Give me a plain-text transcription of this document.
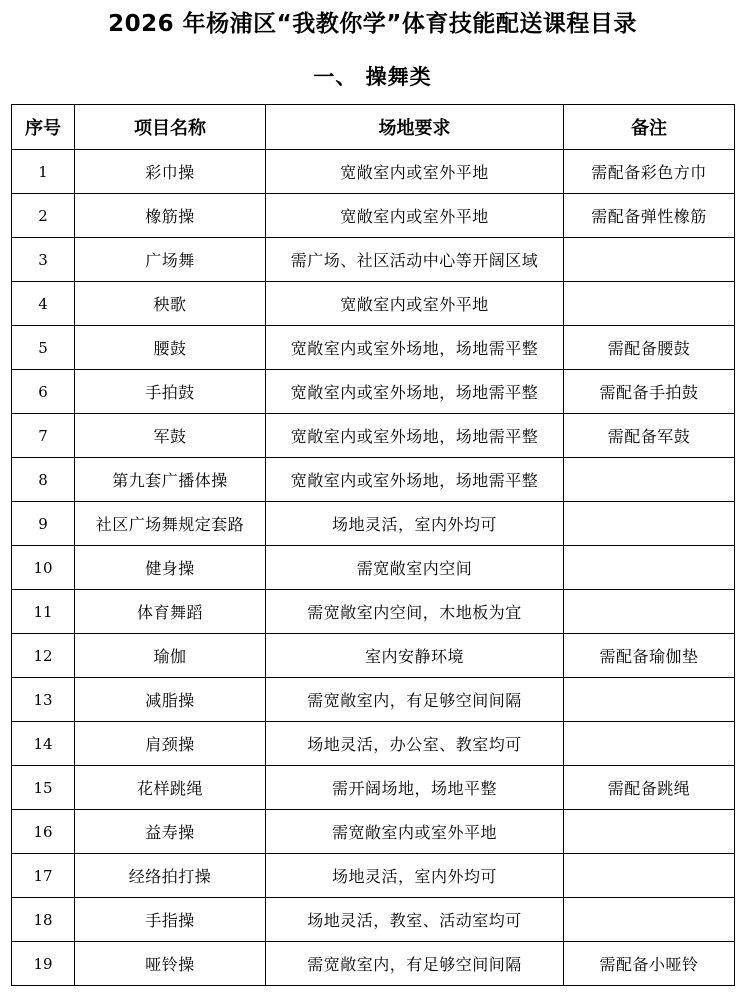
2026 年杨浦区“我教你学”体育技能配送课程目录
一、 操舞类
序号	项目名称	场地要求	备注
1	彩巾操	宽敞室内或室外平地	需配备彩色方巾
2	橡筋操	宽敞室内或室外平地	需配备弹性橡筋
3	广场舞	需广场、社区活动中心等开阔区域	
4	秧歌	宽敞室内或室外平地	
5	腰鼓	宽敞室内或室外场地，场地需平整	需配备腰鼓
6	手拍鼓	宽敞室内或室外场地，场地需平整	需配备手拍鼓
7	军鼓	宽敞室内或室外场地，场地需平整	需配备军鼓
8	第九套广播体操	宽敞室内或室外场地，场地需平整	
9	社区广场舞规定套路	场地灵活，室内外均可	
10	健身操	需宽敞室内空间	
11	体育舞蹈	需宽敞室内空间，木地板为宜	
12	瑜伽	室内安静环境	需配备瑜伽垫
13	减脂操	需宽敞室内，有足够空间间隔	
14	肩颈操	场地灵活，办公室、教室均可	
15	花样跳绳	需开阔场地，场地平整	需配备跳绳
16	益寿操	需宽敞室内或室外平地	
17	经络拍打操	场地灵活，室内外均可	
18	手指操	场地灵活，教室、活动室均可	
19	哑铃操	需宽敞室内，有足够空间间隔	需配备小哑铃
